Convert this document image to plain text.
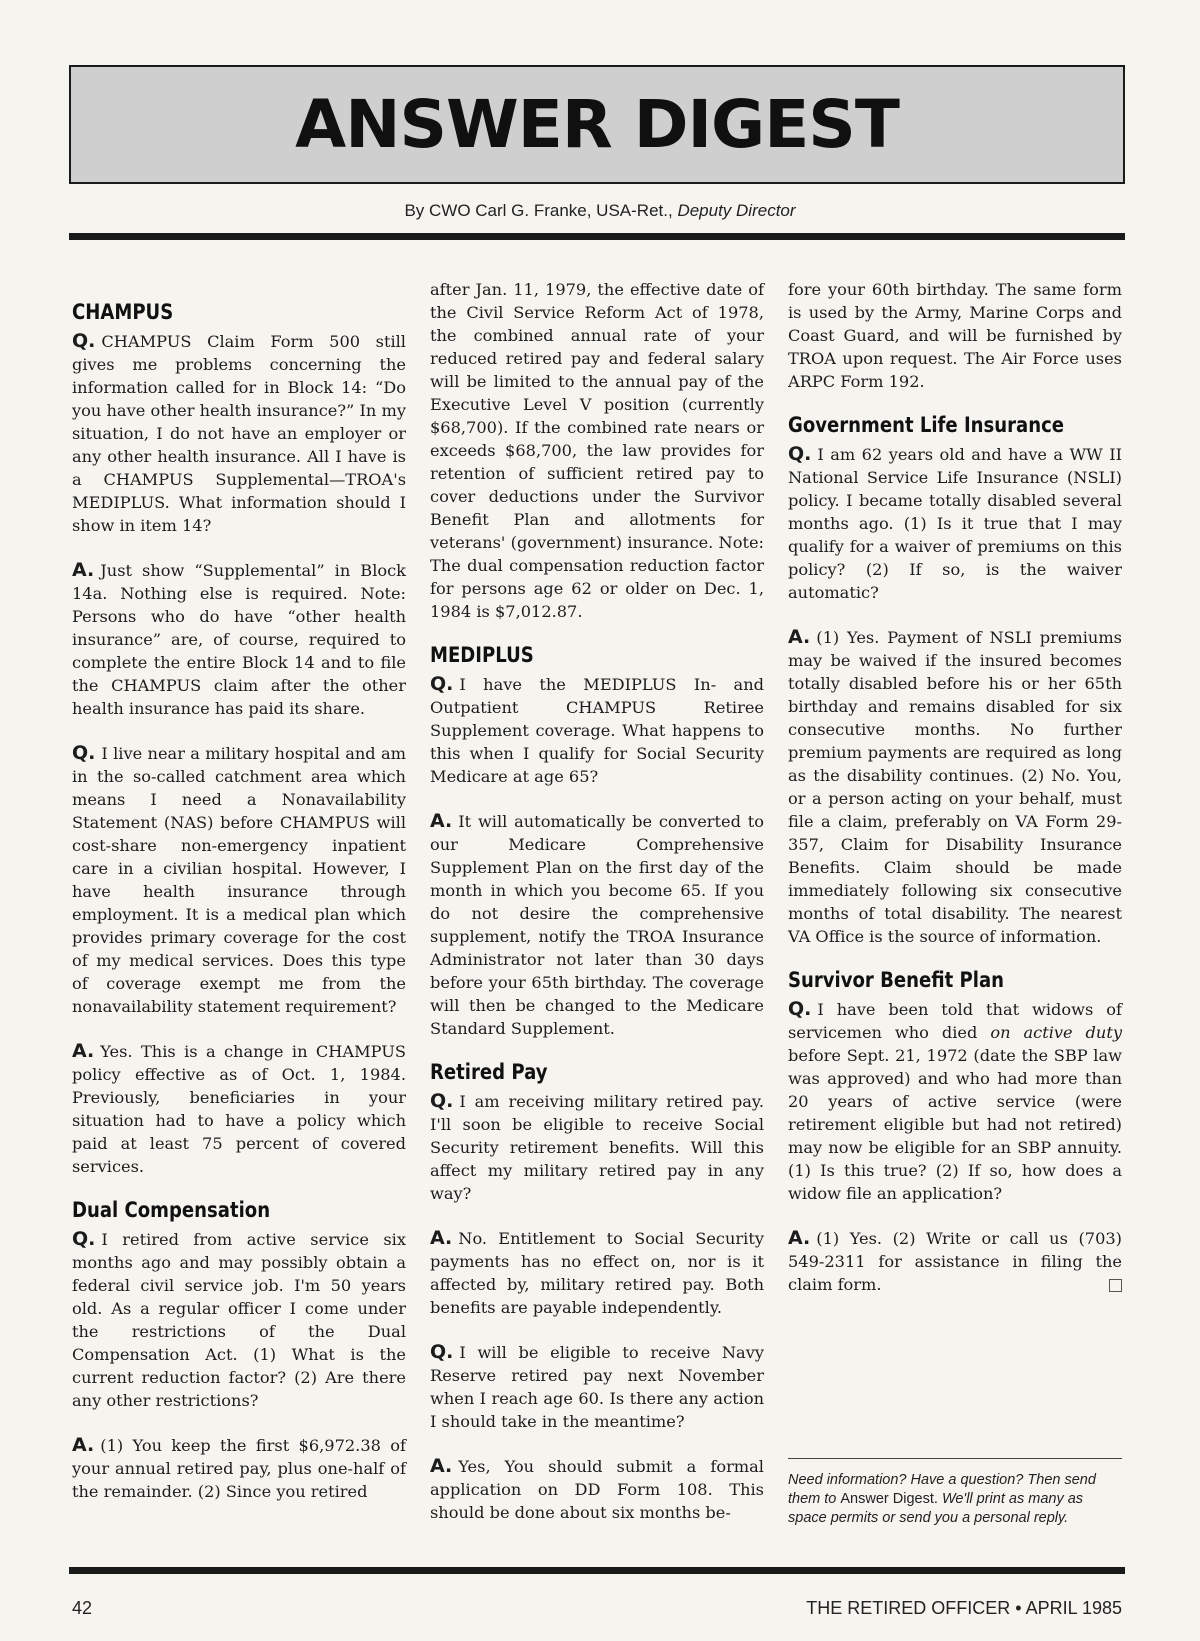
ANSWER DIGEST
By CWO Carl G. Franke, USA-Ret., Deputy Director
CHAMPUS

Q. CHAMPUS Claim Form 500 still gives me problems concerning the information called for in Block 14: “Do you have other health insurance?” In my situation, I do not have an employer or any other health insurance. All I have is a CHAMPUS Supplemental—TROA's MEDIPLUS. What information should I show in item 14?

A. Just show “Supplemental” in Block 14a. Nothing else is required. Note: Persons who do have “other health insurance” are, of course, required to complete the entire Block 14 and to file the CHAMPUS claim after the other health insurance has paid its share.

Q. I live near a military hospital and am in the so-called catchment area which means I need a Nonavailability Statement (NAS) before CHAMPUS will cost-share non-emergency inpatient care in a civilian hospital. However, I have health insurance through employment. It is a medical plan which provides primary coverage for the cost of my medical services. Does this type of coverage exempt me from the nonavailability statement requirement?

A. Yes. This is a change in CHAMPUS policy effective as of Oct. 1, 1984. Previously, beneficiaries in your situation had to have a policy which paid at least 75 percent of covered services.

Dual Compensation

Q. I retired from active service six months ago and may possibly obtain a federal civil service job. I'm 50 years old. As a regular officer I come under the restrictions of the Dual Compensation Act. (1) What is the current reduction factor? (2) Are there any other restrictions?

A. (1) You keep the first $6,972.38 of your annual retired pay, plus one-half of the remainder. (2) Since you retired

after Jan. 11, 1979, the effective date of the Civil Service Reform Act of 1978, the combined annual rate of your reduced retired pay and federal salary will be limited to the annual pay of the Executive Level V position (currently $68,700). If the combined rate nears or exceeds $68,700, the law provides for retention of sufficient retired pay to cover deductions under the Survivor Benefit Plan and allotments for veterans' (government) insurance. Note: The dual compensation reduction factor for persons age 62 or older on Dec. 1, 1984 is $7,012.87.

MEDIPLUS

Q. I have the MEDIPLUS In- and Outpatient CHAMPUS Retiree Supplement coverage. What happens to this when I qualify for Social Security Medicare at age 65?

A. It will automatically be converted to our Medicare Comprehensive Supplement Plan on the first day of the month in which you become 65. If you do not desire the comprehensive supplement, notify the TROA Insurance Administrator not later than 30 days before your 65th birthday. The coverage will then be changed to the Medicare Standard Supplement.

Retired Pay

Q. I am receiving military retired pay. I'll soon be eligible to receive Social Security retirement benefits. Will this affect my military retired pay in any way?

A. No. Entitlement to Social Security payments has no effect on, nor is it affected by, military retired pay. Both benefits are payable independently.

Q. I will be eligible to receive Navy Reserve retired pay next November when I reach age 60. Is there any action I should take in the meantime?

A. Yes, You should submit a formal application on DD Form 108. This should be done about six months be-

fore your 60th birthday. The same form is used by the Army, Marine Corps and Coast Guard, and will be furnished by TROA upon request. The Air Force uses ARPC Form 192.

Government Life Insurance

Q. I am 62 years old and have a WW II National Service Life Insurance (NSLI) policy. I became totally disabled several months ago. (1) Is it true that I may qualify for a waiver of premiums on this policy? (2) If so, is the waiver automatic?

A. (1) Yes. Payment of NSLI premiums may be waived if the insured becomes totally disabled before his or her 65th birthday and remains disabled for six consecutive months. No further premium payments are required as long as the disability continues. (2) No. You, or a person acting on your behalf, must file a claim, preferably on VA Form 29-357, Claim for Disability Insurance Benefits. Claim should be made immediately following six consecutive months of total disability. The nearest VA Office is the source of information.

Survivor Benefit Plan

Q. I have been told that widows of servicemen who died on active duty before Sept. 21, 1972 (date the SBP law was approved) and who had more than 20 years of active service (were retirement eligible but had not retired) may now be eligible for an SBP annuity. (1) Is this true? (2) If so, how does a widow file an application?

A. (1) Yes. (2) Write or call us (703) 549-2311 for assistance in filing the claim form.

Need information? Have a question? Then send them to Answer Digest. We'll print as many as space permits or send you a personal reply.
42	THE RETIRED OFFICER • APRIL 1985
